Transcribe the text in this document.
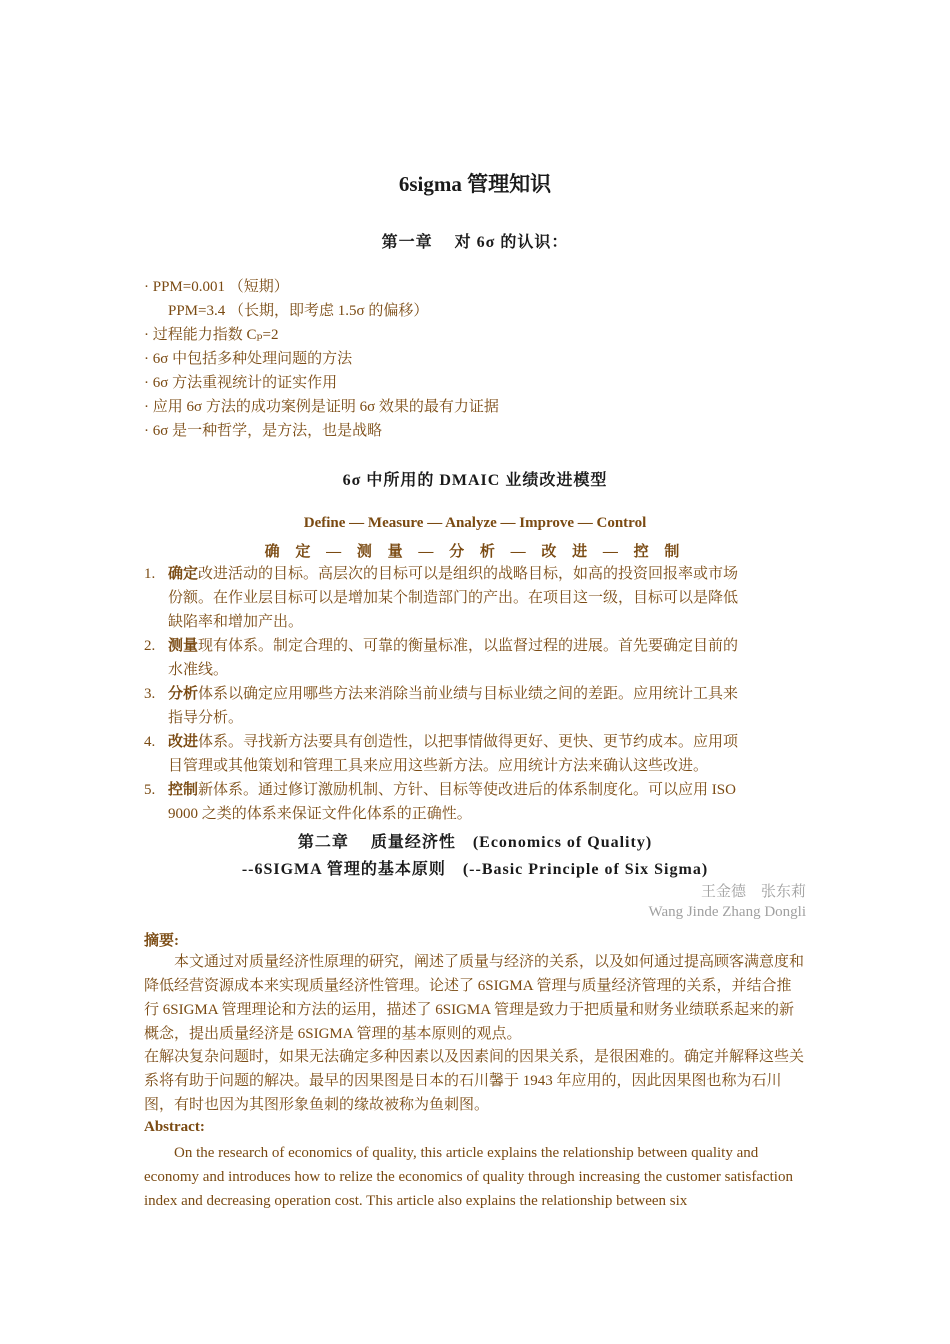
6sigma 管理知识
第一章　 对 6σ 的认识：
· PPM=0.001 （短期）
PPM=3.4 （长期，即考虑 1.5σ 的偏移）
· 过程能力指数 Cₚ=2
· 6σ 中包括多种处理问题的方法
· 6σ 方法重视统计的证实作用
· 应用 6σ 方法的成功案例是证明 6σ 效果的最有力证据
· 6σ 是一种哲学，是方法，也是战略
6σ 中所用的 DMAIC 业绩改进模型
Define — Measure — Analyze — Improve — Control
确 定 — 测 量 — 分 析 — 改 进 — 控 制
1. 确定改进活动的目标。高层次的目标可以是组织的战略目标，如高的投资回报率或市场
份额。在作业层目标可以是增加某个制造部门的产出。在项目这一级，目标可以是降低
缺陷率和增加产出。
2. 测量现有体系。制定合理的、可靠的衡量标准，以监督过程的进展。首先要确定目前的
水准线。
3. 分析体系以确定应用哪些方法来消除当前业绩与目标业绩之间的差距。应用统计工具来
指导分析。
4. 改进体系。寻找新方法要具有创造性，以把事情做得更好、更快、更节约成本。应用项
目管理或其他策划和管理工具来应用这些新方法。应用统计方法来确认这些改进。
5. 控制新体系。通过修订激励机制、方针、目标等使改进后的体系制度化。可以应用 ISO
9000 之类的体系来保证文件化体系的正确性。
第二章　 质量经济性　(Economics of Quality)
--6SIGMA 管理的基本原则　(--Basic Principle of Six Sigma)
王金德　张东莉
Wang Jinde Zhang Dongli
摘要:
本文通过对质量经济性原理的研究，阐述了质量与经济的关系，以及如何通过提高顾客满意度和降低经营资源成本来实现质量经济性管理。论述了 6SIGMA 管理与质量经济管理的关系，并结合推行 6SIGMA 管理理论和方法的运用，描述了 6SIGMA 管理是致力于把质量和财务业绩联系起来的新概念，提出质量经济是 6SIGMA 管理的基本原则的观点。
在解决复杂问题时，如果无法确定多种因素以及因素间的因果关系，是很困难的。确定并解释这些关系将有助于问题的解决。最早的因果图是日本的石川馨于 1943 年应用的，因此因果图也称为石川图，有时也因为其图形象鱼刺的缘故被称为鱼刺图。
Abstract:
On the research of economics of quality, this article explains the relationship between quality and economy and introduces how to relize the economics of quality through increasing the customer satisfaction index and decreasing operation cost. This article also explains the relationship between six
